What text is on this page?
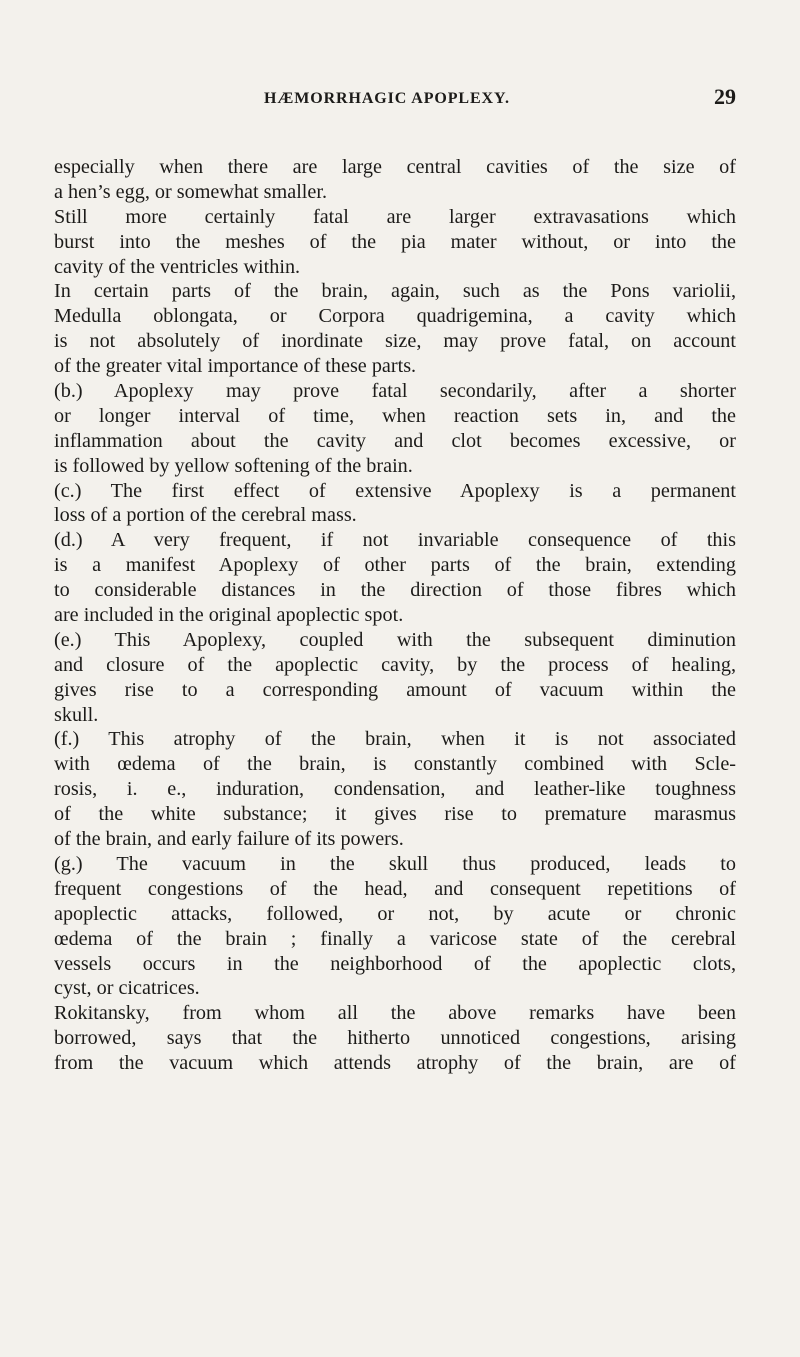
HÆMORRHAGIC APOPLEXY.	29
especially when there are large central cavities of the size of
a hen’s egg, or somewhat smaller.
Still more certainly fatal are larger extravasations which
burst into the meshes of the pia mater without, or into the
cavity of the ventricles within.
In certain parts of the brain, again, such as the Pons variolii,
Medulla oblongata, or Corpora quadrigemina, a cavity which
is not absolutely of inordinate size, may prove fatal, on account
of the greater vital importance of these parts.
(b.) Apoplexy may prove fatal secondarily, after a shorter
or longer interval of time, when reaction sets in, and the
inflammation about the cavity and clot becomes excessive, or
is followed by yellow softening of the brain.
(c.) The first effect of extensive Apoplexy is a permanent
loss of a portion of the cerebral mass.
(d.) A very frequent, if not invariable consequence of this
is a manifest Apoplexy of other parts of the brain, extending
to considerable distances in the direction of those fibres which
are included in the original apoplectic spot.
(e.) This Apoplexy, coupled with the subsequent diminution
and closure of the apoplectic cavity, by the process of healing,
gives rise to a corresponding amount of vacuum within the
skull.
(f.) This atrophy of the brain, when it is not associated
with œdema of the brain, is constantly combined with Scle-
rosis, i. e., induration, condensation, and leather-like toughness
of the white substance; it gives rise to premature marasmus
of the brain, and early failure of its powers.
(g.) The vacuum in the skull thus produced, leads to
frequent congestions of the head, and consequent repetitions of
apoplectic attacks, followed, or not, by acute or chronic
œdema of the brain ; finally a varicose state of the cerebral
vessels occurs in the neighborhood of the apoplectic clots,
cyst, or cicatrices.
Rokitansky, from whom all the above remarks have been
borrowed, says that the hitherto unnoticed congestions, arising
from the vacuum which attends atrophy of the brain, are of
